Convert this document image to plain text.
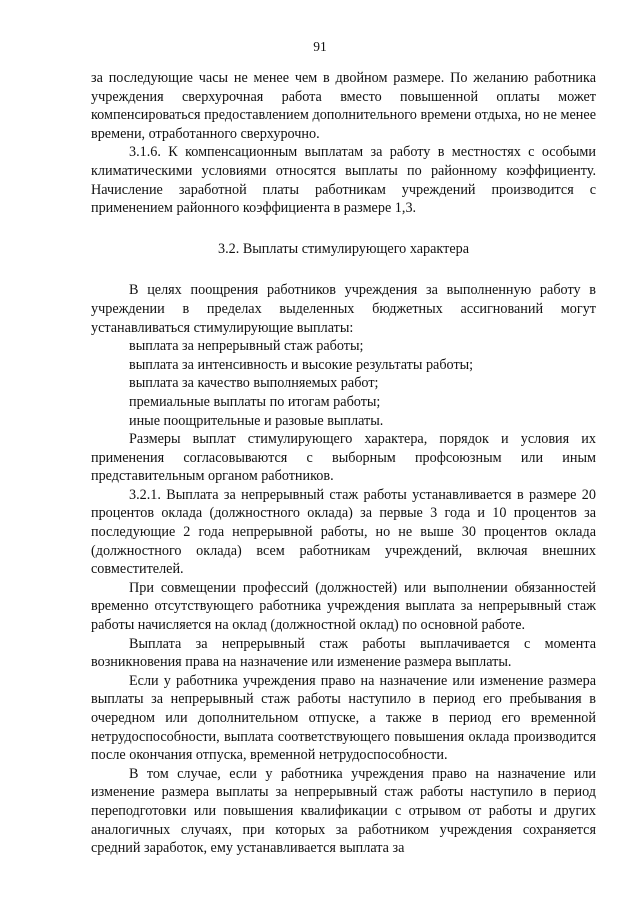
91

за последующие часы не менее чем в двойном размере. По желанию работника учреждения сверхурочная работа вместо повышенной оплаты может компенсироваться предоставлением дополнительного времени отдыха, но не менее времени, отработанного сверхурочно.

3.1.6. К компенсационным выплатам за работу в местностях с особыми климатическими условиями относятся выплаты по районному коэффициенту. Начисление заработной платы работникам учреждений производится с применением районного коэффициента в размере 1,3.

3.2. Выплаты стимулирующего характера

В целях поощрения работников учреждения за выполненную работу в учреждении в пределах выделенных бюджетных ассигнований могут устанавливаться стимулирующие выплаты:

выплата за непрерывный стаж работы;

выплата за интенсивность и высокие результаты работы;

выплата за качество выполняемых работ;

премиальные выплаты по итогам работы;

иные поощрительные и разовые выплаты.

Размеры выплат стимулирующего характера, порядок и условия их применения согласовываются с выборным профсоюзным или иным представительным органом работников.

3.2.1. Выплата за непрерывный стаж работы устанавливается в размере 20 процентов оклада (должностного оклада) за первые 3 года и 10 процентов за последующие 2 года непрерывной работы, но не выше 30 процентов оклада (должностного оклада) всем работникам учреждений, включая внешних совместителей.

При совмещении профессий (должностей) или выполнении обязанностей временно отсутствующего работника учреждения выплата за непрерывный стаж работы начисляется на оклад (должностной оклад) по основной работе.

Выплата за непрерывный стаж работы выплачивается с момента возникновения права на назначение или изменение размера выплаты.

Если у работника учреждения право на назначение или изменение размера выплаты за непрерывный стаж работы наступило в период его пребывания в очередном или дополнительном отпуске, а также в период его временной нетрудоспособности, выплата соответствующего повышения оклада производится после окончания отпуска, временной нетрудоспособности.

В том случае, если у работника учреждения право на назначение или изменение размера выплаты за непрерывный стаж работы наступило в период переподготовки или повышения квалификации с отрывом от работы и других аналогичных случаях, при которых за работником учреждения сохраняется средний заработок, ему устанавливается выплата за
